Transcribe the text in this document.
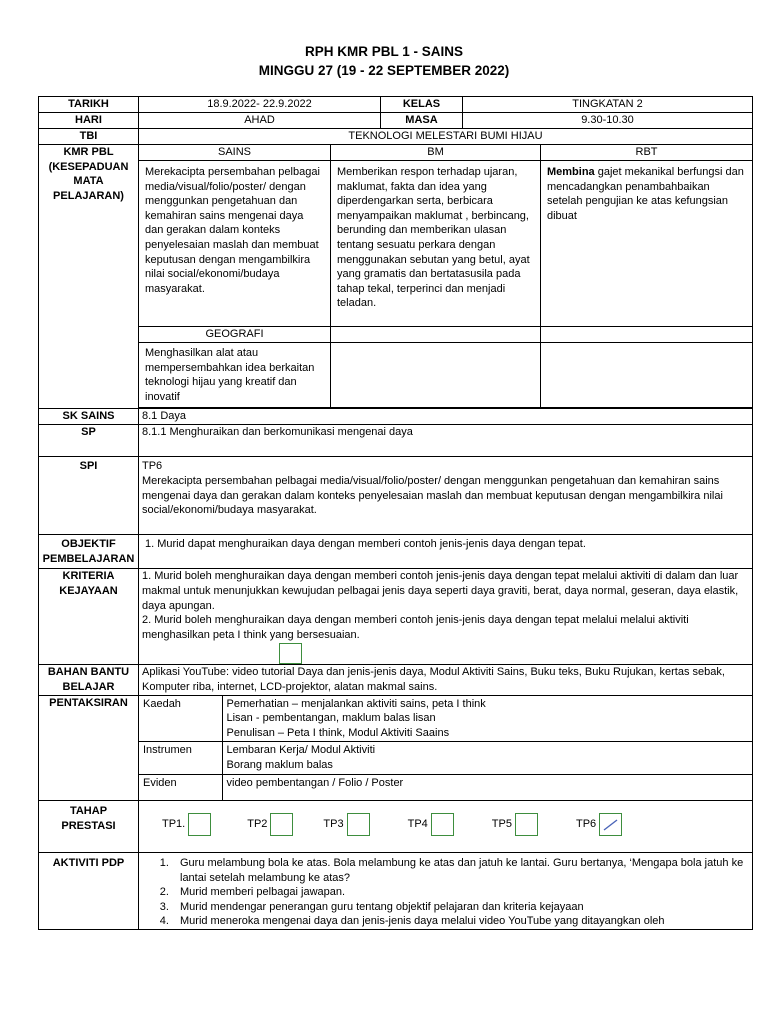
RPH KMR PBL 1 - SAINS
MINGGU 27 (19 - 22 SEPTEMBER 2022)
TARIKH	18.9.2022- 22.9.2022	KELAS	TINGKATAN 2
HARI	AHAD	MASA	9.30-10.30
TBI	TEKNOLOGI MELESTARI BUMI HIJAU
KMR PBL (KESEPADUAN MATA PELAJARAN)	SAINS	BM	RBT
Merekacipta persembahan pelbagai media/visual/folio/poster/ dengan menggunkan pengetahuan dan kemahiran sains mengenai daya dan gerakan dalam konteks penyelesaian maslah dan membuat keputusan dengan mengambilkira nilai social/ekonomi/budaya masyarakat.	Memberikan respon terhadap ujaran, maklumat, fakta dan idea yang diperdengarkan serta, berbicara menyampaikan maklumat , berbincang, berunding dan memberikan ulasan tentang sesuatu perkara dengan menggunakan sebutan yang betul, ayat yang gramatis dan bertatasusila pada tahap tekal, terperinci dan menjadi teladan.	Membina gajet mekanikal berfungsi dan mencadangkan penambahbaikan setelah pengujian ke atas kefungsian dibuat
GEOGRAFI		
Menghasilkan alat atau mempersembahkan idea berkaitan teknologi hijau yang kreatif dan inovatif		

SK SAINS	8.1 Daya
SP	8.1.1 Menghuraikan dan berkomunikasi mengenai daya
SPI	TP6
Merekacipta persembahan pelbagai media/visual/folio/poster/ dengan menggunkan pengetahuan dan kemahiran sains mengenai daya dan gerakan dalam konteks penyelesaian maslah dan membuat keputusan dengan mengambilkira nilai social/ekonomi/budaya masyarakat.

OBJEKTIF PEMBELAJARAN	1. Murid dapat menghuraikan daya dengan memberi contoh jenis-jenis daya dengan tepat.
KRITERIA KEJAYAAN	

1. Murid boleh menghuraikan daya dengan memberi contoh jenis-jenis daya dengan tepat melalui aktiviti di dalam dan luar makmal untuk menunjukkan kewujudan pelbagai jenis daya seperti daya graviti, berat, daya normal, geseran, daya elastik, daya apungan.

2. Murid boleh menghuraikan daya dengan memberi contoh jenis-jenis daya dengan tepat melalui melalui aktiviti menghasilkan peta I think yang bersesuaian.

BAHAN BANTU BELAJAR	Aplikasi YouTube: video tutorial Daya dan jenis-jenis daya, Modul Aktiviti Sains, Buku teks, Buku Rujukan, kertas sebak, Komputer riba, internet, LCD-projektor, alatan makmal sains.
PENTAKSIRAN	Kaedah	Pemerhatian – menjalankan aktiviti sains, peta I think
Lisan - pembentangan, maklum balas lisan
Penulisan – Peta I think, Modul Aktiviti Saains

Instrumen	Lembaran Kerja/ Modul Aktiviti
Borang maklum balas

Eviden	video pembentangan / Folio / Poster

TAHAP PRESTASI	TP1.	TP2	TP3	TP4	TP5	TP6

AKTIVITI PDP	
1.Guru melambung bola ke atas. Bola melambung ke atas dan jatuh ke lantai. Guru bertanya, ‘Mengapa bola jatuh ke lantai setelah melambung ke atas?
2. Murid memberi pelbagai jawapan.
3. Murid mendengar penerangan guru tentang objektif pelajaran dan kriteria kejayaan
4. Murid meneroka mengenai daya dan jenis-jenis daya melalui video YouTube yang ditayangkan oleh
